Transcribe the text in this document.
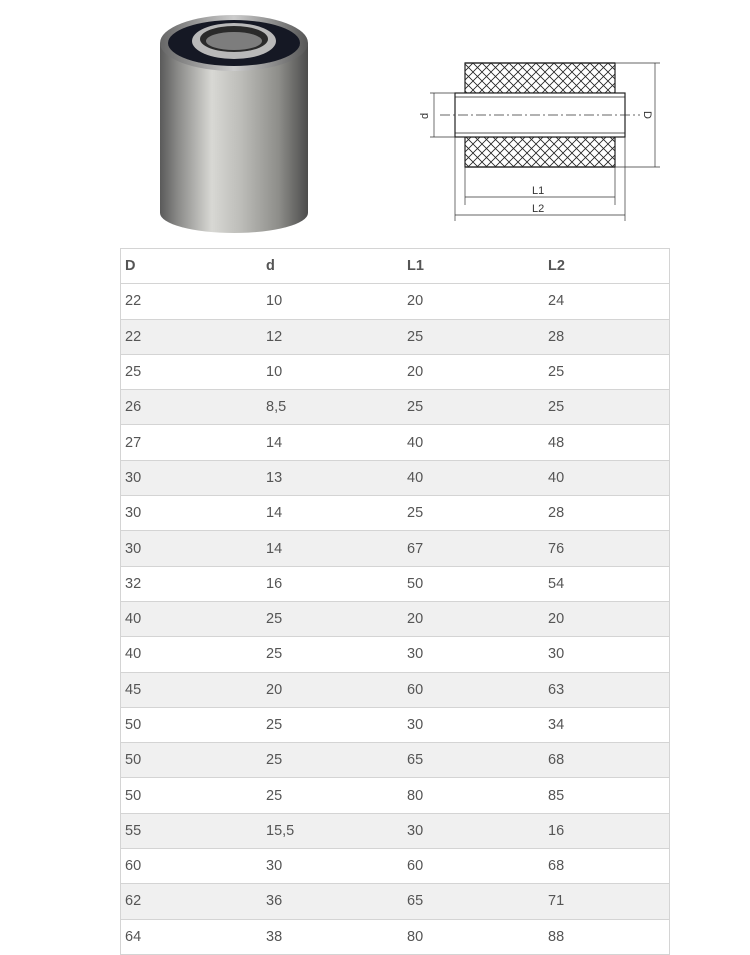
d	D
L1
L2
D	d	L1	L2
22	10	20	24
22	12	25	28
25	10	20	25
26	8,5	25	25
27	14	40	48
30	13	40	40
30	14	25	28
30	14	67	76
32	16	50	54
40	25	20	20
40	25	30	30
45	20	60	63
50	25	30	34
50	25	65	68
50	25	80	85
55	15,5	30	16
60	30	60	68
62	36	65	71
64	38	80	88
